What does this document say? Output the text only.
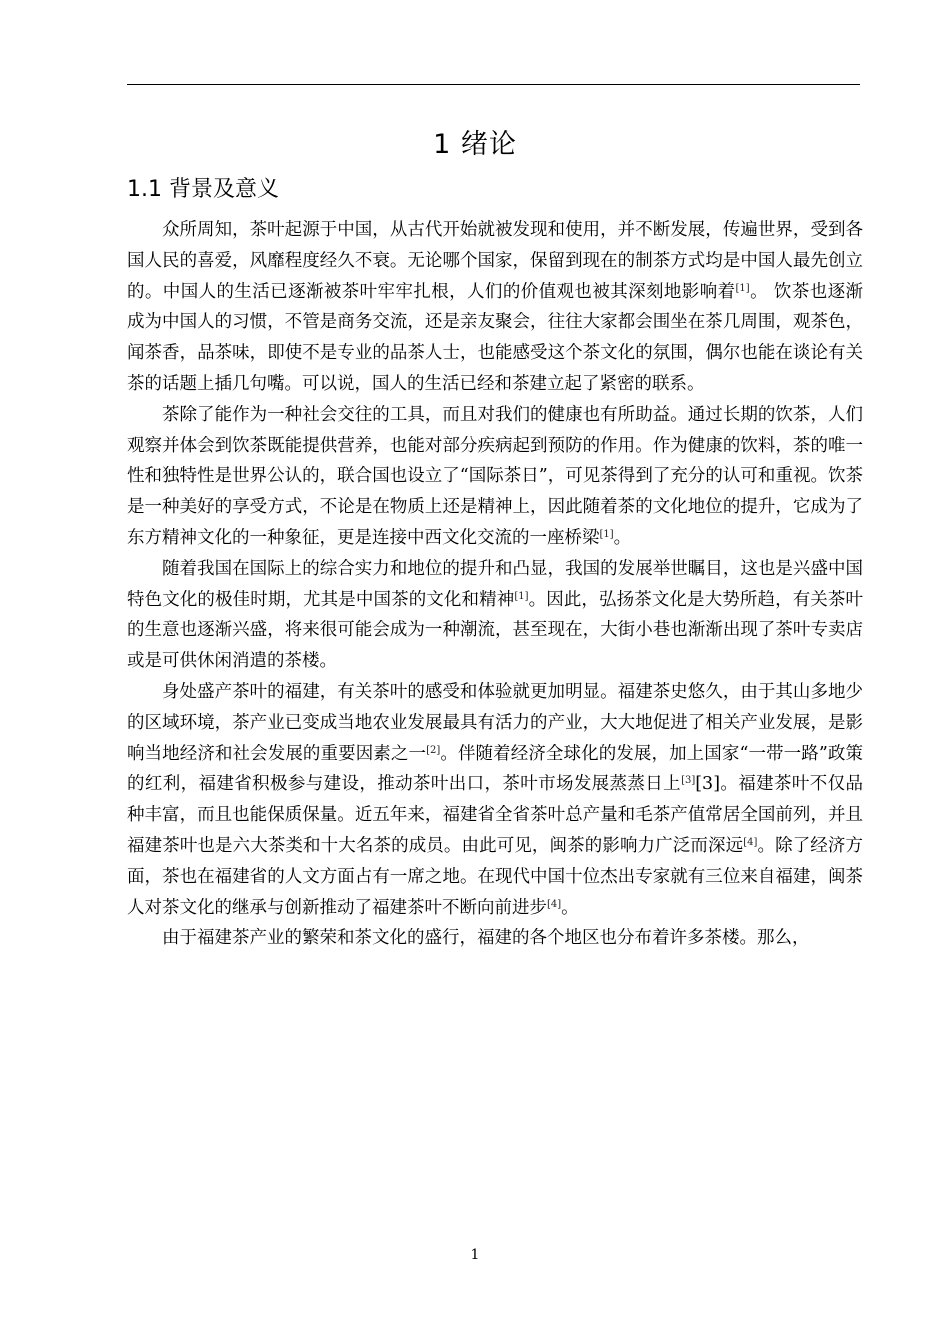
1 绪论
1.1 背景及意义

众所周知，茶叶起源于中国，从古代开始就被发现和使用，并不断发展，传遍世界，受到各国人民的喜爱，风靡程度经久不衰。无论哪个国家，保留到现在的制茶方式均是中国人最先创立的。中国人的生活已逐渐被茶叶牢牢扎根，人们的价值观也被其深刻地影响着[1]。 饮茶也逐渐成为中国人的习惯，不管是商务交流，还是亲友聚会，往往大家都会围坐在茶几周围，观茶色，闻茶香，品茶味，即使不是专业的品茶人士，也能感受这个茶文化的氛围，偶尔也能在谈论有关茶的话题上插几句嘴。可以说，国人的生活已经和茶建立起了紧密的联系。

茶除了能作为一种社会交往的工具，而且对我们的健康也有所助益。通过长期的饮茶，人们观察并体会到饮茶既能提供营养，也能对部分疾病起到预防的作用。作为健康的饮料，茶的唯一性和独特性是世界公认的，联合国也设立了“国际茶日”，可见茶得到了充分的认可和重视。饮茶是一种美好的享受方式，不论是在物质上还是精神上，因此随着茶的文化地位的提升，它成为了东方精神文化的一种象征，更是连接中西文化交流的一座桥梁[1]。

随着我国在国际上的综合实力和地位的提升和凸显，我国的发展举世瞩目，这也是兴盛中国特色文化的极佳时期，尤其是中国茶的文化和精神[1]。因此，弘扬茶文化是大势所趋，有关茶叶的生意也逐渐兴盛，将来很可能会成为一种潮流，甚至现在，大街小巷也渐渐出现了茶叶专卖店或是可供休闲消遣的茶楼。

身处盛产茶叶的福建，有关茶叶的感受和体验就更加明显。福建茶史悠久，由于其山多地少的区域环境，茶产业已变成当地农业发展最具有活力的产业，大大地促进了相关产业发展，是影响当地经济和社会发展的重要因素之一[2]。伴随着经济全球化的发展，加上国家“一带一路”政策的红利，福建省积极参与建设，推动茶叶出口，茶叶市场发展蒸蒸日上[3][3]。福建茶叶不仅品种丰富，而且也能保质保量。近五年来，福建省全省茶叶总产量和毛茶产值常居全国前列，并且福建茶叶也是六大茶类和十大名茶的成员。由此可见，闽茶的影响力广泛而深远[4]。除了经济方面，茶也在福建省的人文方面占有一席之地。在现代中国十位杰出专家就有三位来自福建，闽茶人对茶文化的继承与创新推动了福建茶叶不断向前进步[4]。

由于福建茶产业的繁荣和茶文化的盛行，福建的各个地区也分布着许多茶楼。那么，

1
